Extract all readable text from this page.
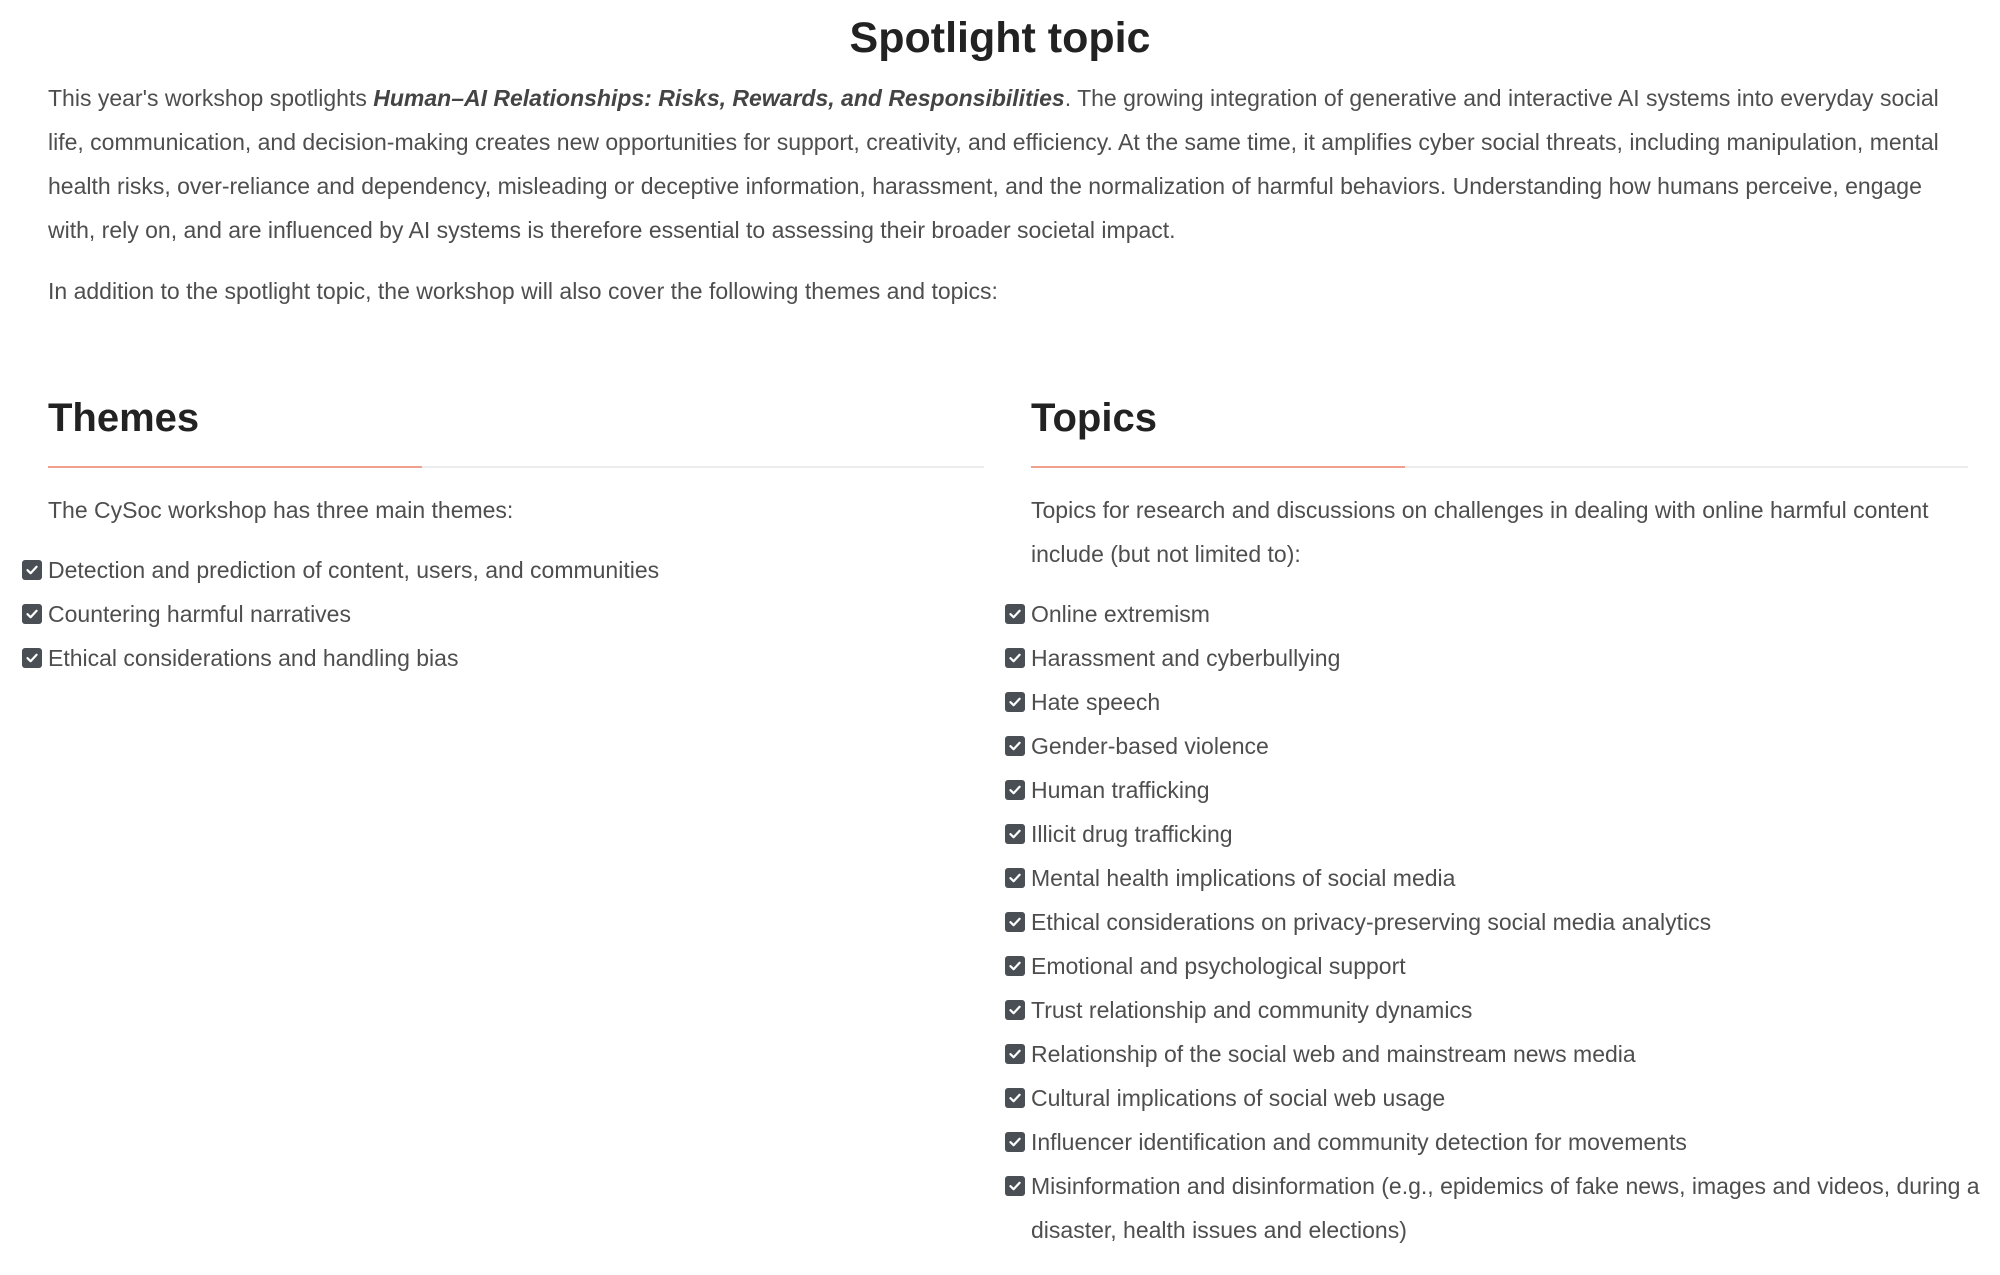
Spotlight topic

This year's workshop spotlights Human–AI Relationships: Risks, Rewards, and Responsibilities. The growing integration of generative and interactive AI systems into everyday social life, communication, and decision-making creates new opportunities for support, creativity, and efficiency. At the same time, it amplifies cyber social threats, including manipulation, mental health risks, over-reliance and dependency, misleading or deceptive information, harassment, and the normalization of harmful behaviors. Understanding how humans perceive, engage with, rely on, and are influenced by AI systems is therefore essential to assessing their broader societal impact.

In addition to the spotlight topic, the workshop will also cover the following themes and topics:

Themes

The CySoc workshop has three main themes:

Detection and prediction of content, users, and communities
Countering harmful narratives
Ethical considerations and handling bias
Topics

Topics for research and discussions on challenges in dealing with online harmful content include (but not limited to):

Online extremism
Harassment and cyberbullying
Hate speech
Gender-based violence
Human trafficking
Illicit drug trafficking
Mental health implications of social media
Ethical considerations on privacy-preserving social media analytics
Emotional and psychological support
Trust relationship and community dynamics
Relationship of the social web and mainstream news media
Cultural implications of social web usage
Influencer identification and community detection for movements
Misinformation and disinformation (e.g., epidemics of fake news, images and videos, during a disaster, health issues and elections)
